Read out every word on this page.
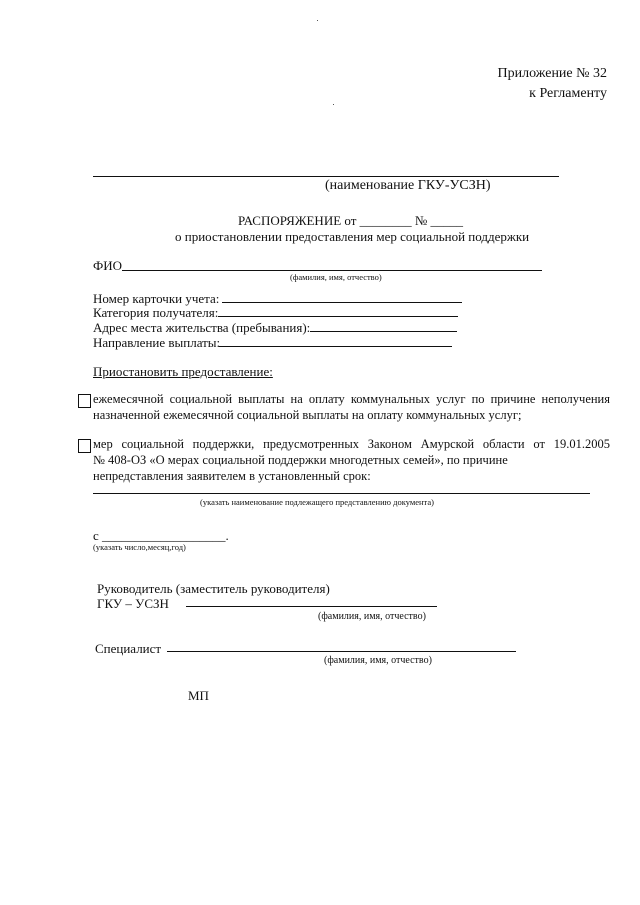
Приложение № 32
к Регламенту
(наименование ГКУ-УСЗН)
РАСПОРЯЖЕНИЕ от ________ № _____
о приостановлении предоставления мер социальной поддержки
ФИО
(фамилия, имя, отчество)
Номер карточки учета:
Категория получателя:
Адрес места жительства (пребывания):
Направление выплаты:
Приостановить предоставление:
ежемесячной социальной выплаты на оплату коммунальных услуг по причине неполучения
назначенной ежемесячной социальной выплаты на оплату коммунальных услуг;
мер социальной поддержки, предусмотренных Законом Амурской области от 19.01.2005
№ 408-ОЗ «О мерах социальной поддержки многодетных семей», по причине
непредставления заявителем в установленный срок:
(указать наименование подлежащего представлению документа)
с ___________________.
(указать число,месяц,год)
Руководитель (заместитель руководителя)
ГКУ – УСЗН
(фамилия, имя, отчество)
Специалист
(фамилия, имя, отчество)
МП
